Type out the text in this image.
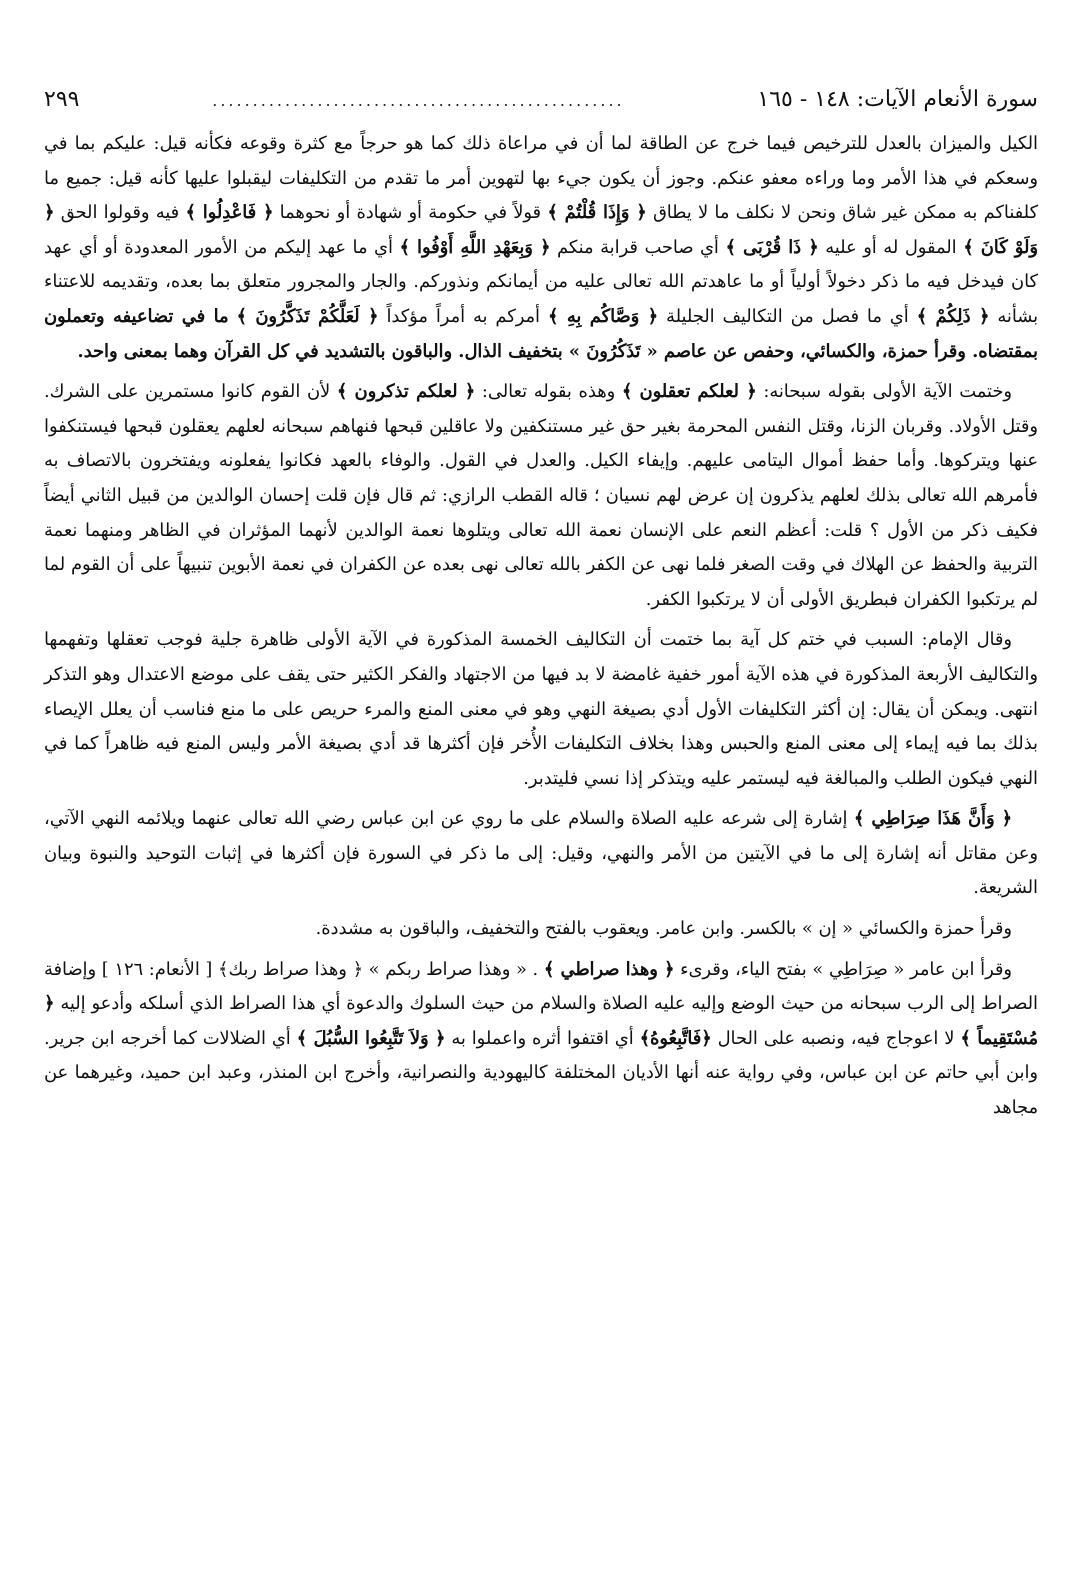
سورة الأنعام الآيات: ١٤٨ - ١٦٥
...................................................
٢٩٩

الكيل والميزان بالعدل للترخيص فيما خرج عن الطاقة لما أن في مراعاة ذلك كما هو حرجاً مع كثرة وقوعه فكأنه قيل: عليكم بما في وسعكم في هذا الأمر وما وراءه معفو عنكم. وجوز أن يكون جيء بها لتهوين أمر ما تقدم من التكليفات ليقبلوا عليها كأنه قيل: جميع ما كلفناكم به ممكن غير شاق ونحن لا نكلف ما لا يطاق ﴿ وَإِذَا قُلْتُمْ ﴾ قولاً في حكومة أو شهادة أو نحوهما ﴿ فَاعْدِلُوا ﴾ فيه وقولوا الحق ﴿ وَلَوْ كَانَ ﴾ المقول له أو عليه ﴿ ذَا قُرْبَى ﴾ أي صاحب قرابة منكم ﴿ وَبِعَهْدِ اللَّهِ أَوْفُوا ﴾ أي ما عهد إليكم من الأمور المعدودة أو أي عهد كان فيدخل فيه ما ذكر دخولاً أولياً أو ما عاهدتم الله تعالى عليه من أيمانكم ونذوركم. والجار والمجرور متعلق بما بعده، وتقديمه للاعتناء بشأنه ﴿ ذَلِكُمْ ﴾ أي ما فصل من التكاليف الجليلة ﴿ وَصَّاكُم بِهِ ﴾ أمركم به أمراً مؤكداً ﴿ لَعَلَّكُمْ تَذَكَّرُونَ ﴾ ما في تضاعيفه وتعملون بمقتضاه. وقرأ حمزة، والكسائي، وحفص عن عاصم « تَذَكُرُونَ » بتخفيف الذال. والباقون بالتشديد في كل القرآن وهما بمعنى واحد.

وختمت الآية الأولى بقوله سبحانه: ﴿ لعلكم تعقلون ﴾ وهذه بقوله تعالى: ﴿ لعلكم تذكرون ﴾ لأن القوم كانوا مستمرين على الشرك. وقتل الأولاد. وقربان الزنا، وقتل النفس المحرمة بغير حق غير مستنكفين ولا عاقلين قبحها فنهاهم سبحانه لعلهم يعقلون قبحها فيستنكفوا عنها ويتركوها. وأما حفظ أموال اليتامى عليهم. وإيفاء الكيل. والعدل في القول. والوفاء بالعهد فكانوا يفعلونه ويفتخرون بالاتصاف به فأمرهم الله تعالى بذلك لعلهم يذكرون إن عرض لهم نسيان ؛ قاله القطب الرازي: ثم قال فإن قلت إحسان الوالدين من قبيل الثاني أيضاً فكيف ذكر من الأول ؟ قلت: أعظم النعم على الإنسان نعمة الله تعالى ويتلوها نعمة الوالدين لأنهما المؤثران في الظاهر ومنهما نعمة التربية والحفظ عن الهلاك في وقت الصغر فلما نهى عن الكفر بالله تعالى نهى بعده عن الكفران في نعمة الأبوين تنبيهاً على أن القوم لما لم يرتكبوا الكفران فبطريق الأولى أن لا يرتكبوا الكفر.

وقال الإمام: السبب في ختم كل آية بما ختمت أن التكاليف الخمسة المذكورة في الآية الأولى ظاهرة جلية فوجب تعقلها وتفهمها والتكاليف الأربعة المذكورة في هذه الآية أمور خفية غامضة لا بد فيها من الاجتهاد والفكر الكثير حتى يقف على موضع الاعتدال وهو التذكر انتهى. ويمكن أن يقال: إن أكثر التكليفات الأول أدي بصيغة النهي وهو في معنى المنع والمرء حريص على ما منع فناسب أن يعلل الإيصاء بذلك بما فيه إيماء إلى معنى المنع والحبس وهذا بخلاف التكليفات الأُخر فإن أكثرها قد أدي بصيغة الأمر وليس المنع فيه ظاهراً كما في النهي فيكون الطلب والمبالغة فيه ليستمر عليه ويتذكر إذا نسي فليتدبر.

﴿ وَأَنَّ هَذَا صِرَاطِي ﴾ إشارة إلى شرعه عليه الصلاة والسلام على ما روي عن ابن عباس رضي الله تعالى عنهما ويلائمه النهي الآتي، وعن مقاتل أنه إشارة إلى ما في الآيتين من الأمر والنهي، وقيل: إلى ما ذكر في السورة فإن أكثرها في إثبات التوحيد والنبوة وبيان الشريعة.

وقرأ حمزة والكسائي « إن » بالكسر. وابن عامر. ويعقوب بالفتح والتخفيف، والباقون به مشددة.

وقرأ ابن عامر « صِرَاطِي » بفتح الياء، وقرىء ﴿ وهذا صراطي ﴾ . « وهذا صراط ربكم » ﴿ وهذا صراط ربك﴾ [ الأنعام: ١٢٦ ] وإضافة الصراط إلى الرب سبحانه من حيث الوضع وإليه عليه الصلاة والسلام من حيث السلوك والدعوة أي هذا الصراط الذي أسلكه وأدعو إليه ﴿ مُسْتَقِيماً ﴾ لا اعوجاج فيه، ونصبه على الحال ﴿فَاتَّبِعُوهُ﴾ أي اقتفوا أثره واعملوا به ﴿ وَلاَ تَتَّبِعُوا السُّبُلَ ﴾ أي الضلالات كما أخرجه ابن جرير. وابن أبي حاتم عن ابن عباس، وفي رواية عنه أنها الأديان المختلفة كاليهودية والنصرانية، وأخرج ابن المنذر، وعبد ابن حميد، وغيرهما عن مجاهد
